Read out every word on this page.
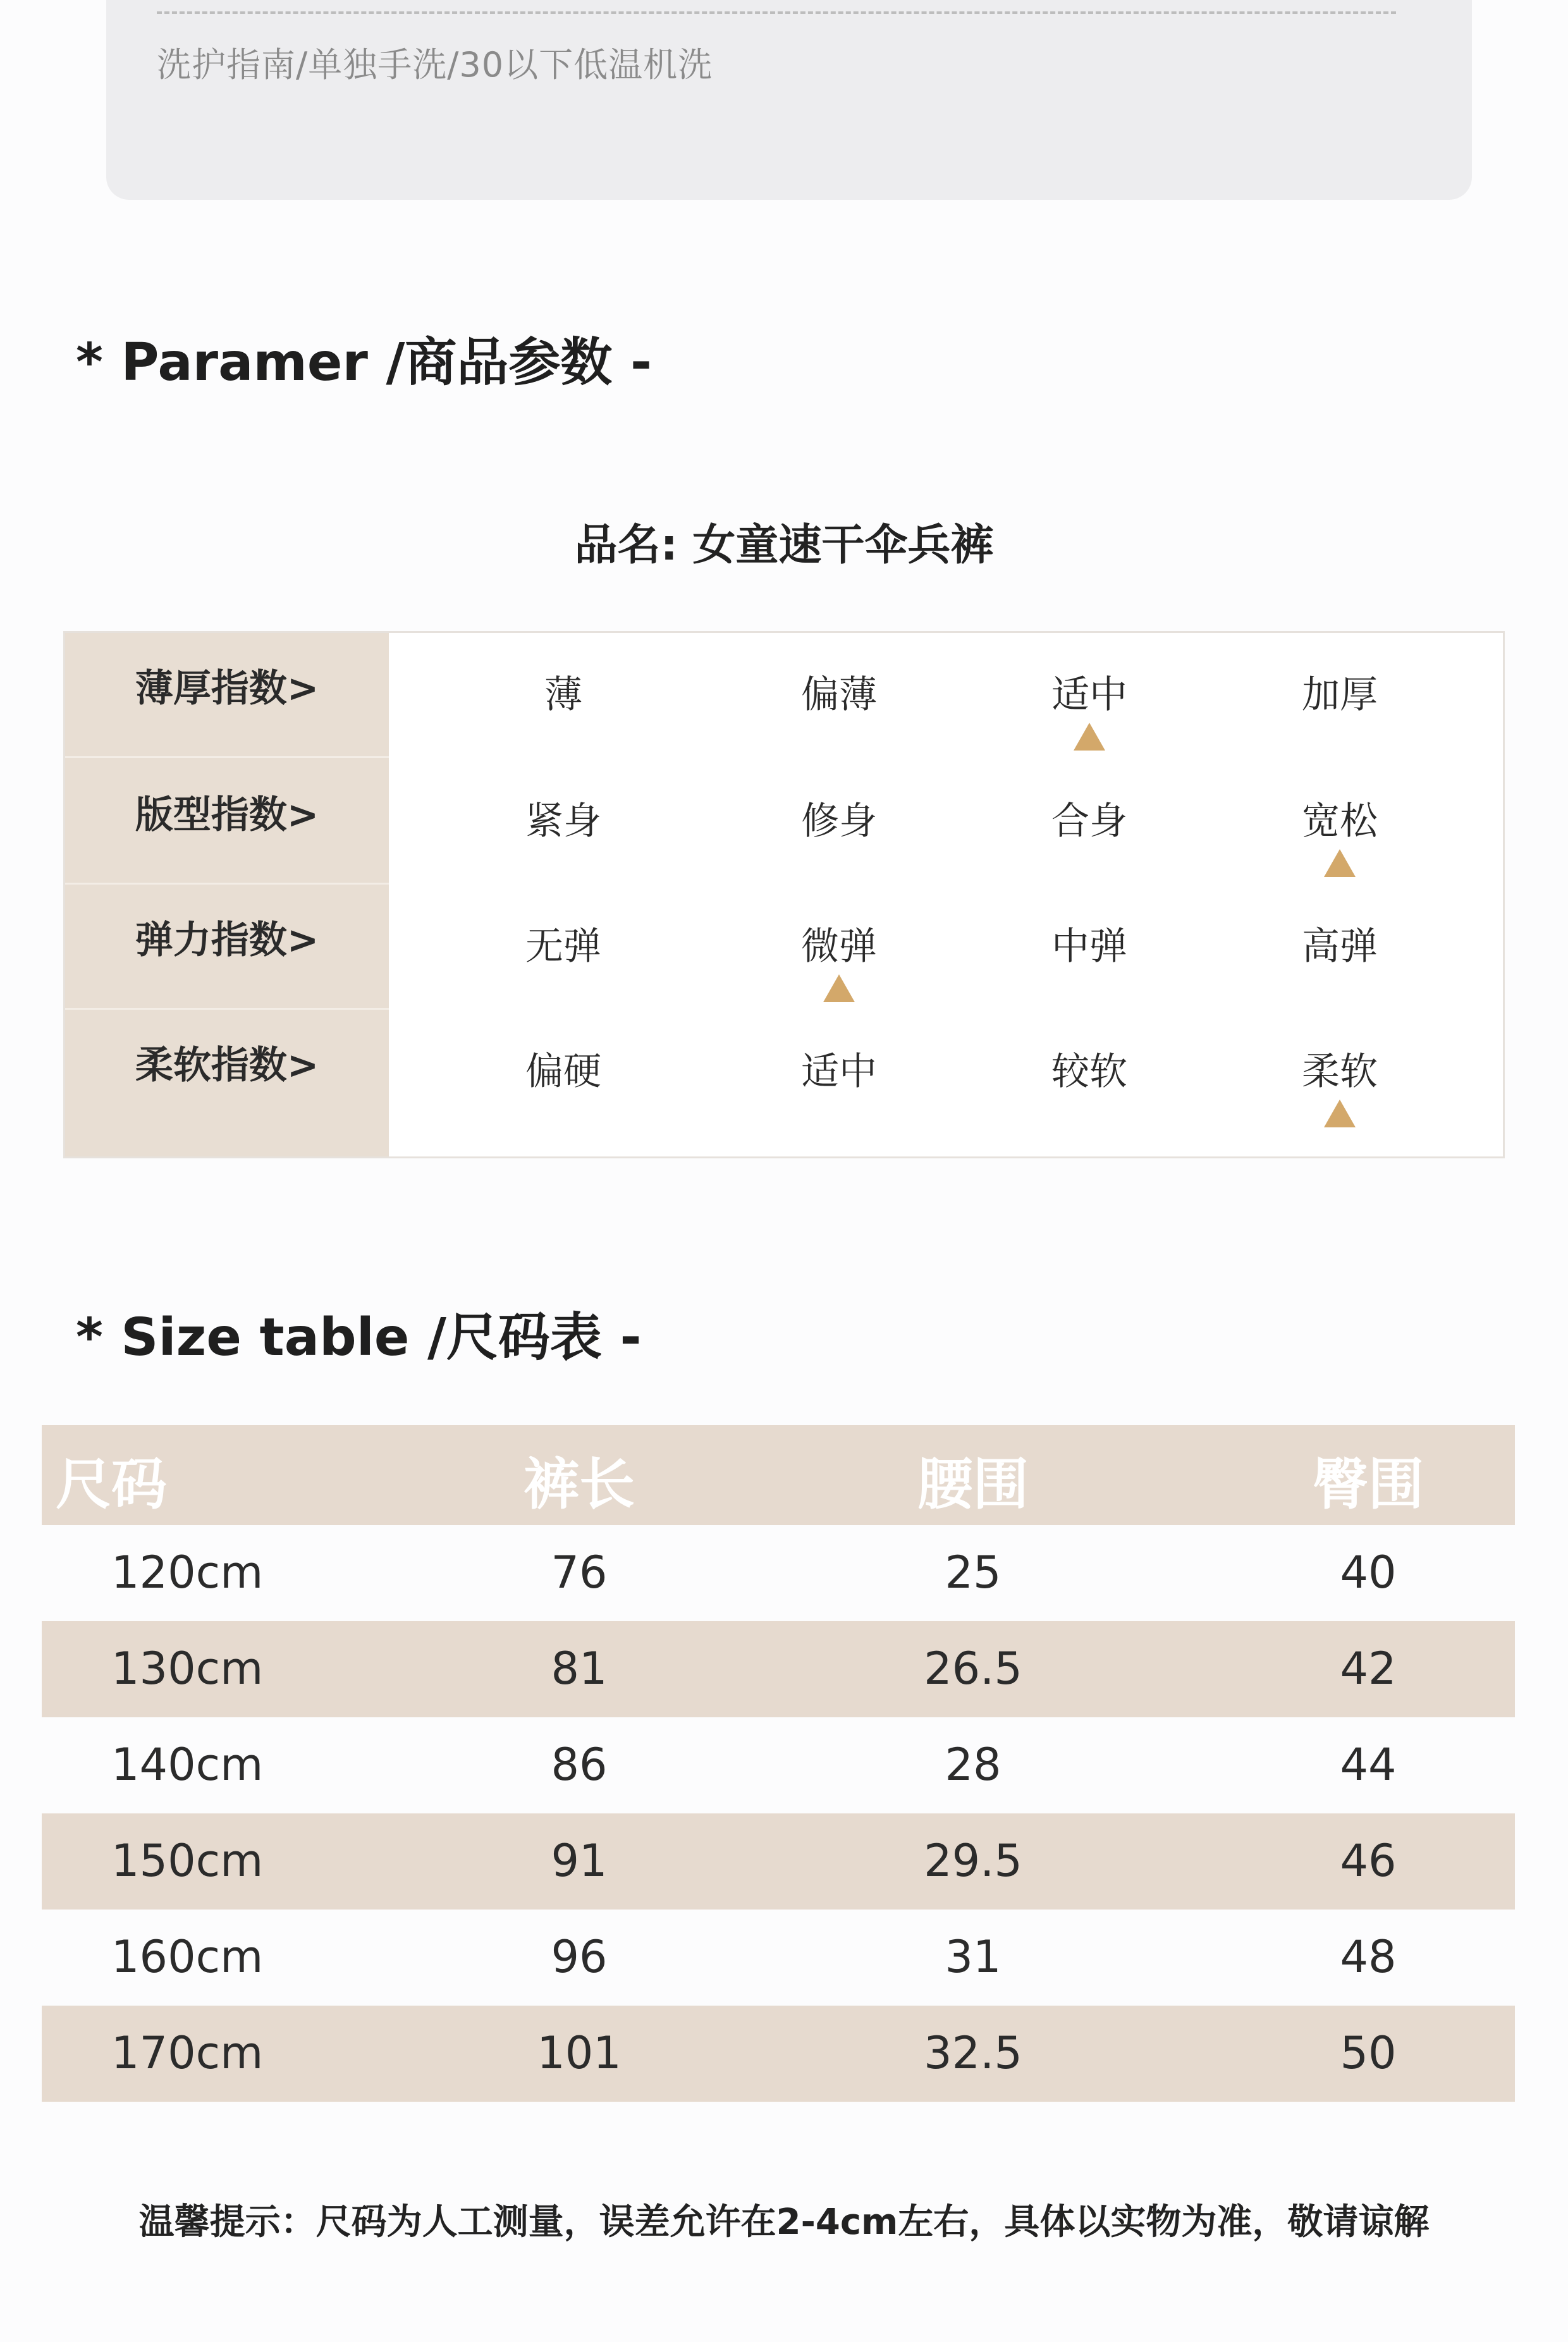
洗护指南/单独手洗/30以下低温机洗
* Paramer /商品参数 -
品名: 女童速干伞兵裤
薄厚指数>	薄	偏薄	适中	加厚
版型指数>	紧身	修身	合身	宽松
弹力指数>	无弹	微弹	中弹	高弹
柔软指数>	偏硬	适中	较软	柔软
* Size table /尺码表 -
尺码	裤长	腰围	臀围
120cm	76	25	40
130cm	81	26.5	42
140cm	86	28	44
150cm	91	29.5	46
160cm	96	31	48
170cm	101	32.5	50
温馨提示：尺码为人工测量，误差允许在2-4cm左右，具体以实物为准，敬请谅解
